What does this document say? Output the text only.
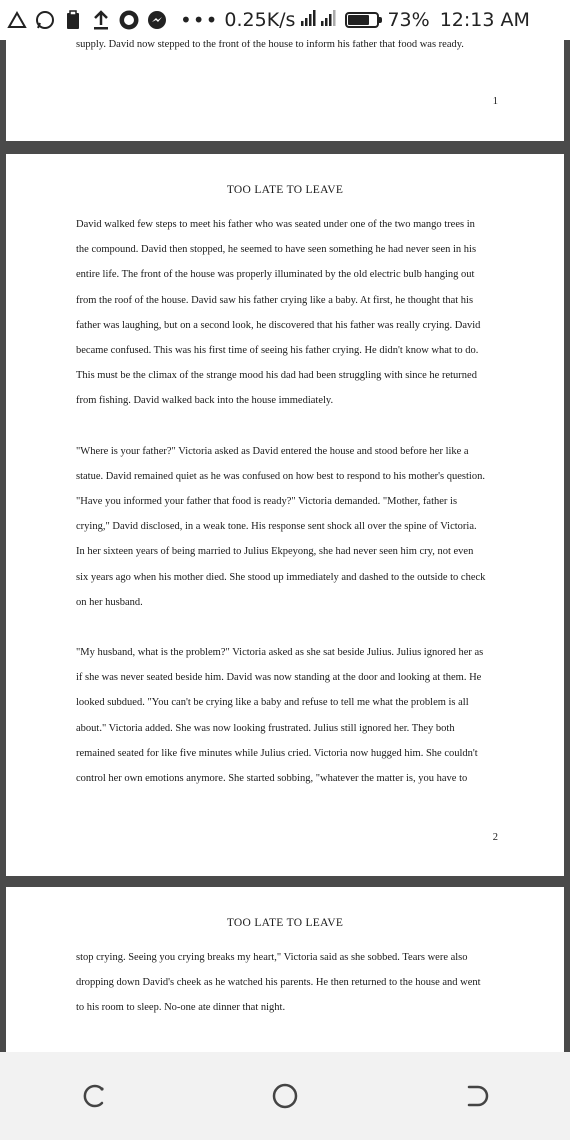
••• 0.25K/s	73% 12:13 AM
supply. David now stepped to the front of the house to inform his father that food was ready.
1
TOO LATE TO LEAVE
David walked few steps to meet his father who was seated under one of the two mango trees in
the compound. David then stopped, he seemed to have seen something he had never seen in his
entire life. The front of the house was properly illuminated by the old electric bulb hanging out
from the roof of the house. David saw his father crying like a baby. At first, he thought that his
father was laughing, but on a second look, he discovered that his father was really crying. David
became confused. This was his first time of seeing his father crying. He didn't know what to do.
This must be the climax of the strange mood his dad had been struggling with since he returned
from fishing. David walked back into the house immediately.
"Where is your father?" Victoria asked as David entered the house and stood before her like a
statue. David remained quiet as he was confused on how best to respond to his mother's question.
"Have you informed your father that food is ready?" Victoria demanded. "Mother, father is
crying," David disclosed, in a weak tone. His response sent shock all over the spine of Victoria.
In her sixteen years of being married to Julius Ekpeyong, she had never seen him cry, not even
six years ago when his mother died. She stood up immediately and dashed to the outside to check
on her husband.
"My husband, what is the problem?" Victoria asked as she sat beside Julius. Julius ignored her as
if she was never seated beside him. David was now standing at the door and looking at them. He
looked subdued. "You can't be crying like a baby and refuse to tell me what the problem is all
about." Victoria added. She was now looking frustrated. Julius still ignored her. They both
remained seated for like five minutes while Julius cried. Victoria now hugged him. She couldn't
control her own emotions anymore. She started sobbing, "whatever the matter is, you have to
2
TOO LATE TO LEAVE
stop crying. Seeing you crying breaks my heart," Victoria said as she sobbed. Tears were also
dropping down David's cheek as he watched his parents. He then returned to the house and went
to his room to sleep. No-one ate dinner that night.
